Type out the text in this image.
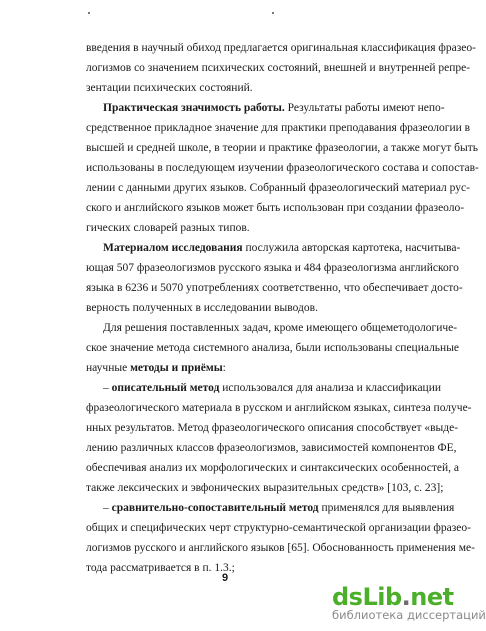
введения в научный обиход предлагается оригинальная классификация фразео-
логизмов со значением психических состояний, внешней и внутренней репре-
зентации психических состояний.
Практическая значимость работы. Результаты работы имеют непо-
средственное прикладное значение для практики преподавания фразеологии в
высшей и средней школе, в теории и практике фразеологии, а также могут быть
использованы в последующем изучении фразеологического состава и сопостав-
лении с данными других языков. Собранный фразеологический материал рус-
ского и английского языков может быть использован при создании фразеоло-
гических словарей разных типов.
Материалом исследования послужила авторская картотека, насчитыва-
ющая 507 фразеологизмов русского языка и 484 фразеологизма английского
языка в 6236 и 5070 употреблениях соответственно, что обеспечивает досто-
верность полученных в исследовании выводов.
Для решения поставленных задач, кроме имеющего общеметодологиче-
ское значение метода системного анализа, были использованы специальные
научные методы и приёмы:
– описательный метод использовался для анализа и классификации
фразеологического материала в русском и английском языках, синтеза получе-
нных результатов. Метод фразеологического описания способствует «выде-
лению различных классов фразеологизмов, зависимостей компонентов ФЕ,
обеспечивая анализ их морфологических и синтаксических особенностей, а
также лексических и эвфонических выразительных средств» [103, с. 23];
– сравнительно-сопоставительный метод применялся для выявления
общих и специфических черт структурно-семантической организации фразео-
логизмов русского и английского языков [65]. Обоснованность применения ме-
тода рассматривается в п. 1.3.;
9
dsLib.net
библиотека диссертаций
